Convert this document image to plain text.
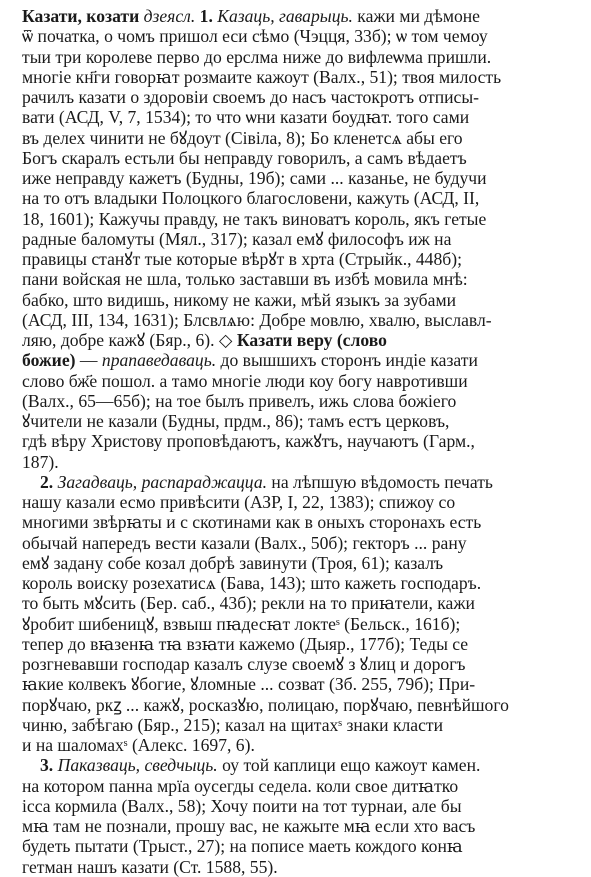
Казати, козати дзеясл. 1. Казаць, гаварыць. кажи ми дѣмоне
ѿ початка, о чомъ пришол еси сѣмо (Чэцця, 33б); ѡ том чемоу
тыи три королеве перво до ерслма ниже до вифлеѡма пришли.
многіе кн҃ги говорꙗт розмаите кажоут (Валх., 51); твоя милость
рачилъ казати о здоровіи своемъ до насъ частокротъ отписы-
вати (АСД, V, 7, 1534); то что ѡни казати боудꙗт. того сами
въ делех чинити не бꙋдоут (Сівіла, 8); Бо кленетсѧ абы его
Богъ скаралъ естьли бы неправду говорилъ, а самъ вѣдаетъ
иже неправду кажетъ (Будны, 19б); сами ... казанье, не будучи
на то отъ владыки Полоцкого благословени, кажуть (АСД, II,
18, 1601); Кажучы правду, не такъ виноватъ король, якъ гетые
радные баломуты (Мял., 317); казал емꙋ философъ иж на
правицы станꙋт тые которые вѣрꙋт в хрта (Стрыйк., 448б);
пани войская не шла, только заставши въ избѣ мовила мнѣ:
бабко, што видишь, никому не кажи, мѣй языкъ за зубами
(АСД, III, 134, 1631); Блсвлѧю: Добре мовлю, хвалю, выславл-
ляю, добре кажꙋ (Бяр., 6). ◇ Казати веру (слово
божие) — прапаведаваць. до вышшихъ сторонъ индіе казати
слово бж҃е пошол. а тамо многіе люди коу богу навротивши
(Валх., 65—65б); на тое былъ привелъ, ижь слова божіего
ꙋчители не казали (Будны, прдм., 86); тамъ естъ церковъ,
гдѣ вѣру Христову проповѣдаютъ, кажꙋтъ, научаютъ (Гарм.,
187).
2. Загадваць, распараджацца. на лѣпшую вѣдомость печать
нашу казали есмо привѣсити (АЗР, I, 22, 1383); спижоу со
многими звѣрꙗты и с скотинами как в оныхъ сторонахъ есть
обычай напередъ вести казали (Валх., 50б); гекторъ ... рану
емꙋ задану собе козал добрѣ завинути (Троя, 61); казалъ
король воиску розехатисѧ (Бава, 143); што кажеть господаръ.
то быть мꙋсить (Бер. саб., 43б); рекли на то приꙗтели, кажи
ꙋробит шибеницꙋ, взвыш пꙗдесꙗт локтеˢ (Бельск., 161б);
тепер до вꙗзенꙗ тꙗ взꙗти кажемо (Дыяр., 177б); Теды се
розгневавши господар казалъ слузе своемꙋ з ꙋлиц и дорогъ
ꙗкие колвекъ ꙋбогие, ꙋломные ... созват (Зб. 255, 79б); При-
порꙋчаю, ркꙁ ... кажꙋ, росказꙋю, полицаю, порꙋчаю, певнѣйшого
чиню, забѣгаю (Бяр., 215); казал на щитахˢ знаки класти
и на шаломахˢ (Алекс. 1697, 6).
3. Паказваць, сведчыць. оу той каплици ещо кажоут камен.
на котором панна мрїа оусегды седела. коли свое дитꙗтко
ісса кормила (Валх., 58); Хочу поити на тот турнаи, але бы
мꙗ там не познали, прошу вас, не кажыте мꙗ если хто васъ
будеть пытати (Трыст., 27); на пописе маеть кождого конꙗ
гетман нашъ казати (Ст. 1588, 55).
